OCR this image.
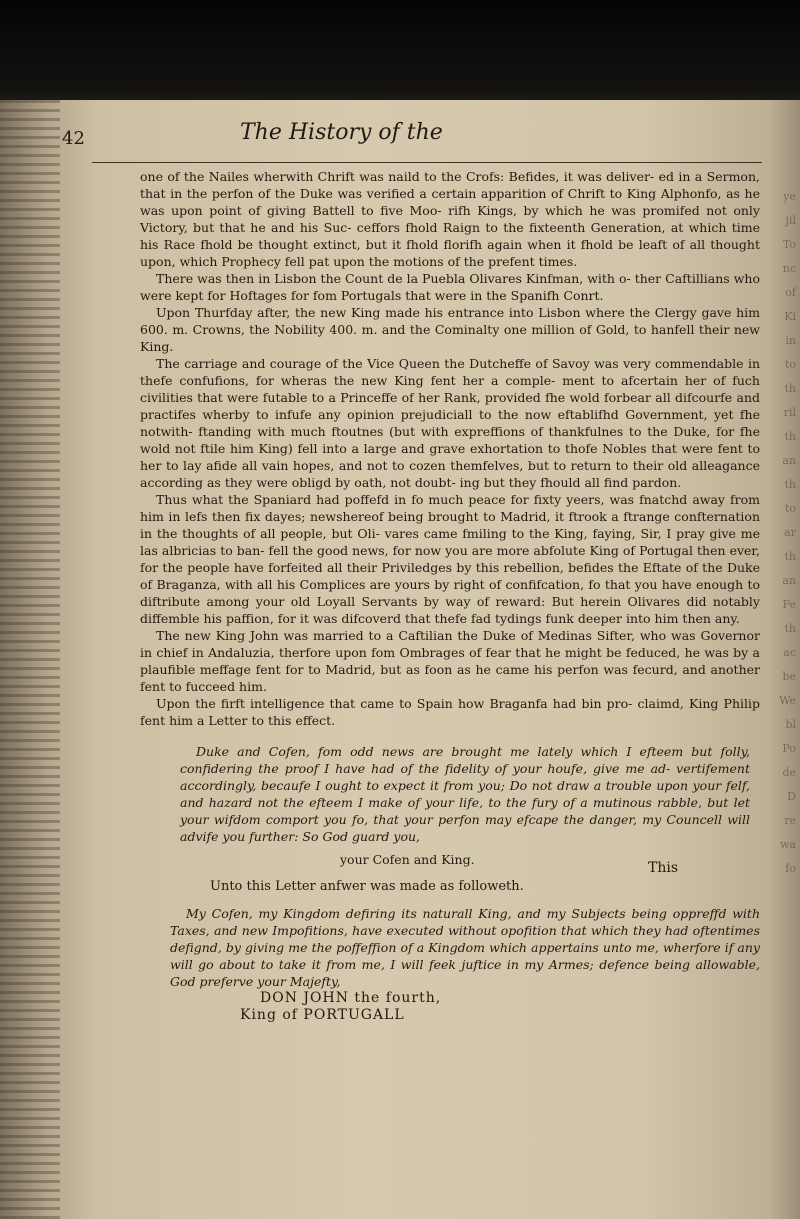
ye
jil
To
nc
of
Ki
in
to
th
ril
th
an
th
to
ar
th
an
Fe
th
ac
be
We
bl
Po
de
D
re
wa
fo
42	The History of the

one of the Nailes wherwith Chrift was naild to the Crofs: Befides, it was deliver- ed in a Sermon, that in the perfon of the Duke was verified a certain apparition of Chrift to King Alphonfo, as he was upon point of giving Battell to five Moo- rifh Kings, by which he was promifed not only Victory, but that he and his Suc- ceffors fhold Raign to the fixteenth Generation, at which time his Race fhold be thought extinct, but it fhold florifh again when it fhold be leaft of all thought upon, which Prophecy fell pat upon the motions of the prefent times.

There was then in Lisbon the Count de la Puebla Olivares Kinfman, with o- ther Caftillians who were kept for Hoftages for fom Portugals that were in the Spanifh Conrt.

Upon Thurfday after, the new King made his entrance into Lisbon where the Clergy gave him 600. m. Crowns, the Nobility 400. m. and the Cominalty one million of Gold, to hanfell their new King.

The carriage and courage of the Vice Queen the Dutcheffe of Savoy was very commendable in thefe confufions, for wheras the new King fent her a comple- ment to afcertain her of fuch civilities that were futable to a Princeffe of her Rank, provided fhe wold forbear all difcourfe and practifes wherby to infufe any opinion prejudiciall to the now eftablifhd Government, yet fhe notwith- ftanding with much ftoutnes (but with expreffions of thankfulnes to the Duke, for fhe wold not ftile him King) fell into a large and grave exhortation to thofe Nobles that were fent to her to lay afide all vain hopes, and not to cozen themfelves, but to return to their old alleagance according as they were obligd by oath, not doubt- ing but they fhould all find pardon.

Thus what the Spaniard had poffefd in fo much peace for fixty yeers, was fnatchd away from him in lefs then fix dayes; newshereof being brought to Madrid, it ftrook a ftrange confternation in the thoughts of all people, but Oli- vares came fmiling to the King, faying, Sir, I pray give me las albricias to ban- fell the good news, for now you are more abfolute King of Portugal then ever, for the people have forfeited all their Priviledges by this rebellion, befides the Eftate of the Duke of Braganza, with all his Complices are yours by right of confifcation, fo that you have enough to diftribute among your old Loyall Servants by way of reward: But herein Olivares did notably diffemble his paffion, for it was difcoverd that thefe fad tydings funk deeper into him then any.

The new King John was married to a Caftilian the Duke of Medinas Sifter, who was Governor in chief in Andaluzia, therfore upon fom Ombrages of fear that he might be feduced, he was by a plaufible meffage fent for to Madrid, but as foon as he came his perfon was fecurd, and another fent to fucceed him.

Upon the firft intelligence that came to Spain how Braganfa had bin pro- claimd, King Philip fent him a Letter to this effect.

Duke and Cofen, fom odd news are brought me lately which I efteem but folly, confidering the proof I have had of the fidelity of your houfe, give me ad- vertifement accordingly, becaufe I ought to expect it from you; Do not draw a trouble upon your felf, and hazard not the efteem I make of your life, to the fury of a mutinous rabble, but let your wifdom comport you fo, that your perfon may efcape the danger, my Councell will advife you further: So God guard you,

your Cofen and King.

Unto this Letter anfwer was made as followeth.

My Cofen, my Kingdom defiring its naturall King, and my Subjects being oppreffd with Taxes, and new Impofitions, have executed without opofition that which they had oftentimes defignd, by giving me the poffeffion of a Kingdom which appertains unto me, wherfore if any will go about to take it from me, I will feek juftice in my Armes; defence being allowable, God preferve your Majefty,

DON JOHN the fourth,

King of PORTUGALL

This
